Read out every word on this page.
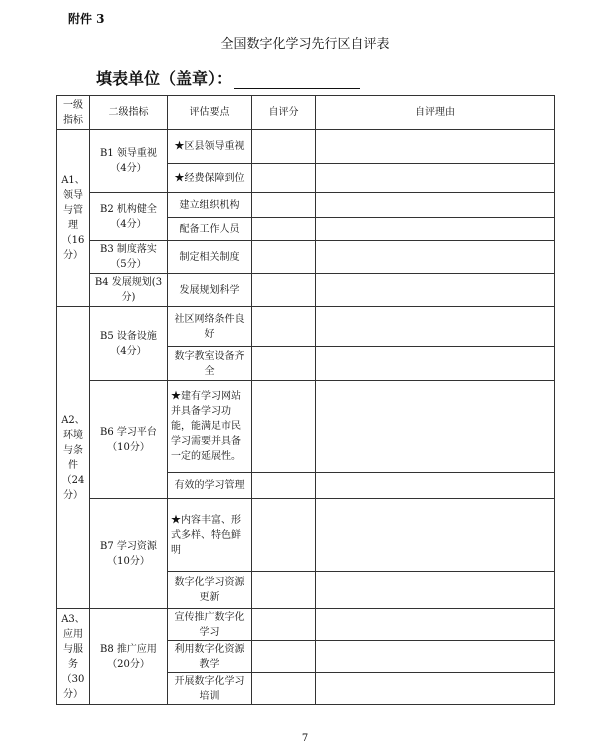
附件 3
全国数字化学习先行区自评表
填表单位（盖章）：
一级指标	二级指标	评估要点	自评分	自评理由
A1、领导与管理（16分）	B1 领导重视（4分）	★区县领导重视		
		★经费保障到位		
	B2 机构健全（4分）	建立组织机构		
		配备工作人员		
	B3 制度落实（5分）	制定相关制度		
	B4 发展规划(3分)	发展规划科学		
A2、环境与条件（24分）	B5 设备设施（4分）	社区网络条件良好		
		数字教室设备齐全		
	B6 学习平台（10分）	★建有学习网站并具备学习功能，能满足市民学习需要并具备一定的延展性。		
		有效的学习管理		
	B7 学习资源（10分）	★内容丰富、形式多样、特色鲜明		
		数字化学习资源更新		
A3、应用与服务（30分）	B8 推广应用（20分）	宣传推广数字化学习		
		利用数字化资源教学		
		开展数字化学习培训		
7
